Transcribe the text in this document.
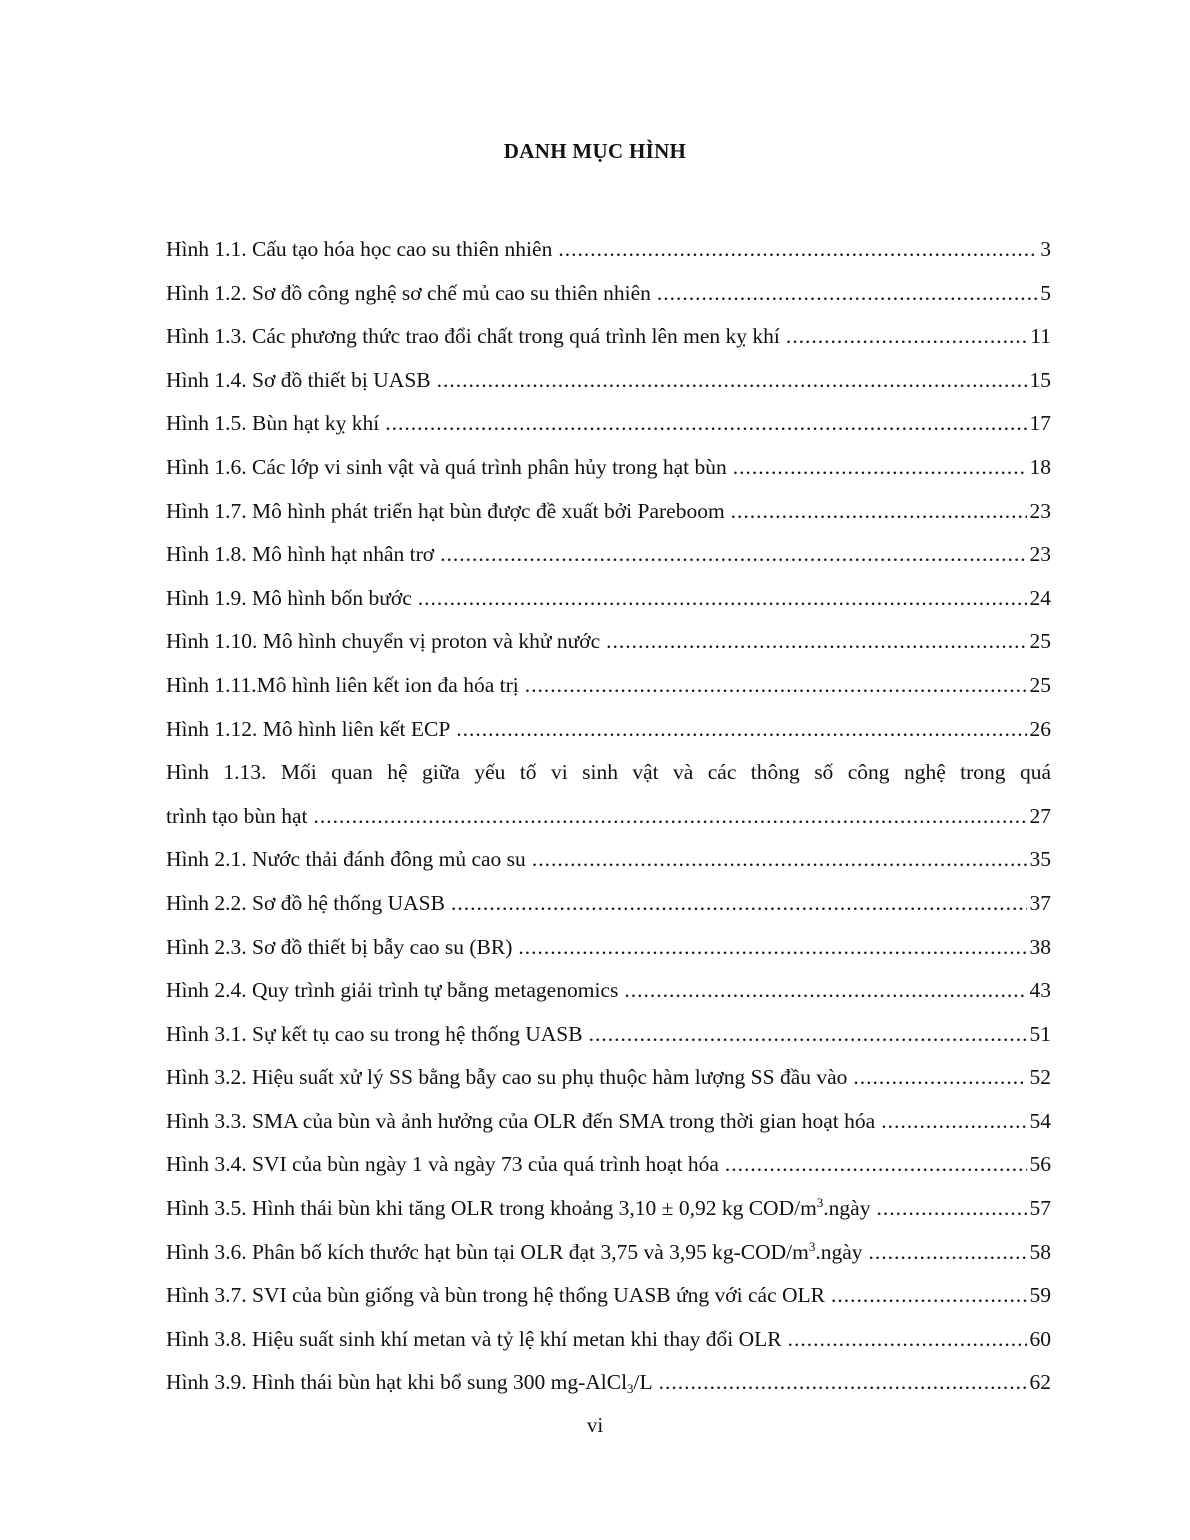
DANH MỤC HÌNH
Hình 1.1. Cấu tạo hóa học cao su thiên nhiên .....	3
Hình 1.2. Sơ đồ công nghệ sơ chế mủ cao su thiên nhiên .....	5
Hình 1.3. Các phương thức trao đổi chất trong quá trình lên men kỵ khí .....	11
Hình 1.4. Sơ đồ thiết bị UASB .....	15
Hình 1.5. Bùn hạt kỵ khí .....	17
Hình 1.6. Các lớp vi sinh vật và quá trình phân hủy trong hạt bùn .....	18
Hình 1.7. Mô hình phát triển hạt bùn được đề xuất bởi Pareboom .....	23
Hình 1.8. Mô hình hạt nhân trơ .....	23
Hình 1.9. Mô hình bốn bước .....	24
Hình 1.10. Mô hình chuyển vị proton và khử nước .....	25
Hình 1.11.Mô hình liên kết ion đa hóa trị .....	25
Hình 1.12. Mô hình liên kết ECP .....	26
Hình 1.13. Mối quan hệ giữa yếu tố vi sinh vật và các thông số công nghệ trong quá
trình tạo bùn hạt .....	27
Hình 2.1. Nước thải đánh đông mủ cao su .....	35
Hình 2.2. Sơ đồ hệ thống UASB .....	37
Hình 2.3. Sơ đồ thiết bị bẫy cao su (BR) .....	38
Hình 2.4. Quy trình giải trình tự bằng metagenomics .....	43
Hình 3.1. Sự kết tụ cao su trong hệ thống UASB .....	51
Hình 3.2. Hiệu suất xử lý SS bằng bẫy cao su phụ thuộc hàm lượng SS đầu vào .....	52
Hình 3.3. SMA của bùn và ảnh hưởng của OLR đến SMA trong thời gian hoạt hóa .....	54
Hình 3.4. SVI của bùn ngày 1 và ngày 73 của quá trình hoạt hóa .....	56
Hình 3.5. Hình thái bùn khi tăng OLR trong khoảng 3,10 ± 0,92 kg COD/$m^3.ngày$ .....	57
Hình 3.6. Phân bố kích thước hạt bùn tại OLR đạt 3,75 và 3,95 $kg-COD/m^3.ngày$ .....	58
Hình 3.7. SVI của bùn giống và bùn trong hệ thống UASB ứng với các OLR .....	59
Hình 3.8. Hiệu suất sinh khí metan và tỷ lệ khí metan khi thay đổi OLR .....	60
Hình 3.9. Hình thái bùn hạt khi bổ sung 300 mg-AlCl$_3$/L .....	62
vi
